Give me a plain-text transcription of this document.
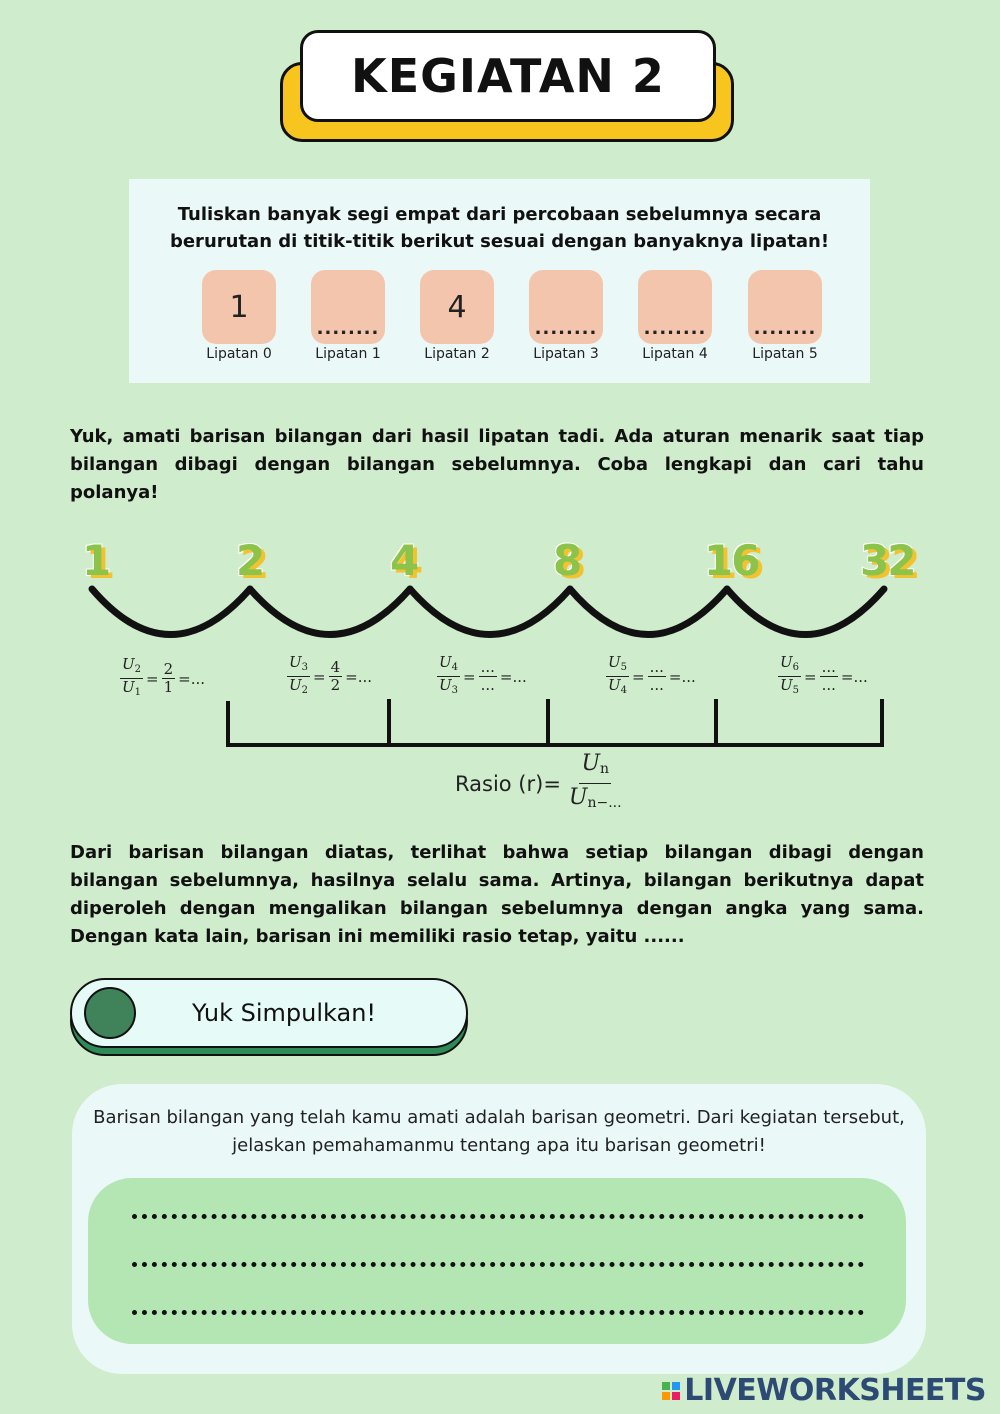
KEGIATAN 2
Tuliskan banyak segi empat dari percobaan sebelumnya secara
berurutan di titik-titik berikut sesuai dengan banyaknya lipatan!
1
Lipatan 0
........
Lipatan 1
4
Lipatan 2
........
Lipatan 3
........
Lipatan 4
........
Lipatan 5
Yuk, amati barisan bilangan dari hasil lipatan tadi. Ada aturan menarik saat tiap bilangan dibagi dengan bilangan sebelumnya. Coba lengkapi dan cari tahu polanya!
1	2	4	8	16 32
$\frac{U_2}{U_1} = \frac{2}{1}$ =...	$\frac{U_3}{U_2} = \frac{4}{2}$ =...	$\frac{U_4}{U_3} = \frac{...}{...}$ =...	$\frac{U_5}{U_4} = \frac{...}{...}$ =...	$\frac{U_6}{U_5} = \frac{...}{...}$ =...
Rasio $(r)= \frac{U_n}{U_{n-...}}$
Dari barisan bilangan diatas, terlihat bahwa setiap bilangan dibagi dengan bilangan sebelumnya, hasilnya selalu sama. Artinya, bilangan berikutnya dapat diperoleh dengan mengalikan bilangan sebelumnya dengan angka yang sama. Dengan kata lain, barisan ini memiliki rasio tetap, yaitu ......
Yuk Simpulkan!
Barisan bilangan yang telah kamu amati adalah barisan geometri. Dari kegiatan tersebut, jelaskan pemahamanmu tentang apa itu barisan geometri!
LIVEWORKSHEETS
